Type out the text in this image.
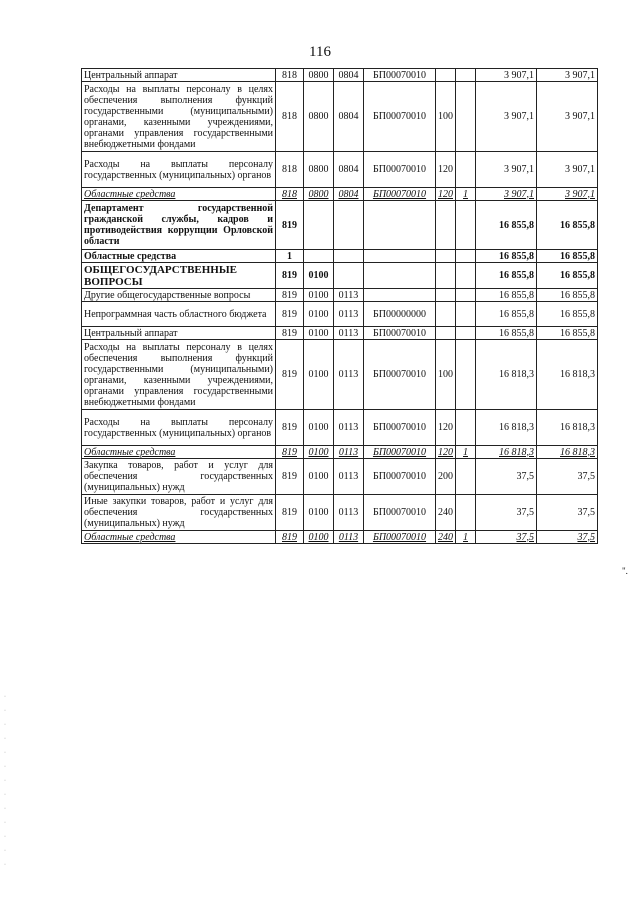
116
Центральный аппарат	818	0800	0804	БП00070010			3 907,1	3 907,1
Расходы на выплаты персоналу в целях обеспечения выполнения функций государственными (муниципальными) органами, казенными учреждениями, органами управления государственными внебюджетными фондами	818	0800	0804	БП00070010	100		3 907,1	3 907,1
Расходы на выплаты персоналу государственных (муниципальных) органов	818	0800	0804	БП00070010	120		3 907,1	3 907,1
Областные средства	818	0800	0804	БП00070010	120	1	3 907,1	3 907,1
Департамент государственной гражданской службы, кадров и противодействия коррупции Орловской области	819						16 855,8	16 855,8
Областные средства	1						16 855,8	16 855,8
ОБЩЕГОСУДАРСТВЕННЫЕ ВОПРОСЫ	819	0100					16 855,8	16 855,8
Другие общегосударственные вопросы	819	0100	0113				16 855,8	16 855,8
Непрограммная часть областного бюджета	819	0100	0113	БП00000000			16 855,8	16 855,8
Центральный аппарат	819	0100	0113	БП00070010			16 855,8	16 855,8
Расходы на выплаты персоналу в целях обеспечения выполнения функций государственными (муниципальными) органами, казенными учреждениями, органами управления государственными внебюджетными фондами	819	0100	0113	БП00070010	100		16 818,3	16 818,3
Расходы на выплаты персоналу государственных (муниципальных) органов	819	0100	0113	БП00070010	120		16 818,3	16 818,3
Областные средства	819	0100	0113	БП00070010	120	1	16 818,3	16 818,3
Закупка товаров, работ и услуг для обеспечения государственных (муниципальных) нужд	819	0100	0113	БП00070010	200		37,5	37,5
Иные закупки товаров, работ и услуг для обеспечения государственных (муниципальных) нужд	819	0100	0113	БП00070010	240		37,5	37,5
Областные средства	819	0100	0113	БП00070010	240	1	37,5	37,5
".
·
·
·
·
·
·
·
·
·
·
·
·
·
